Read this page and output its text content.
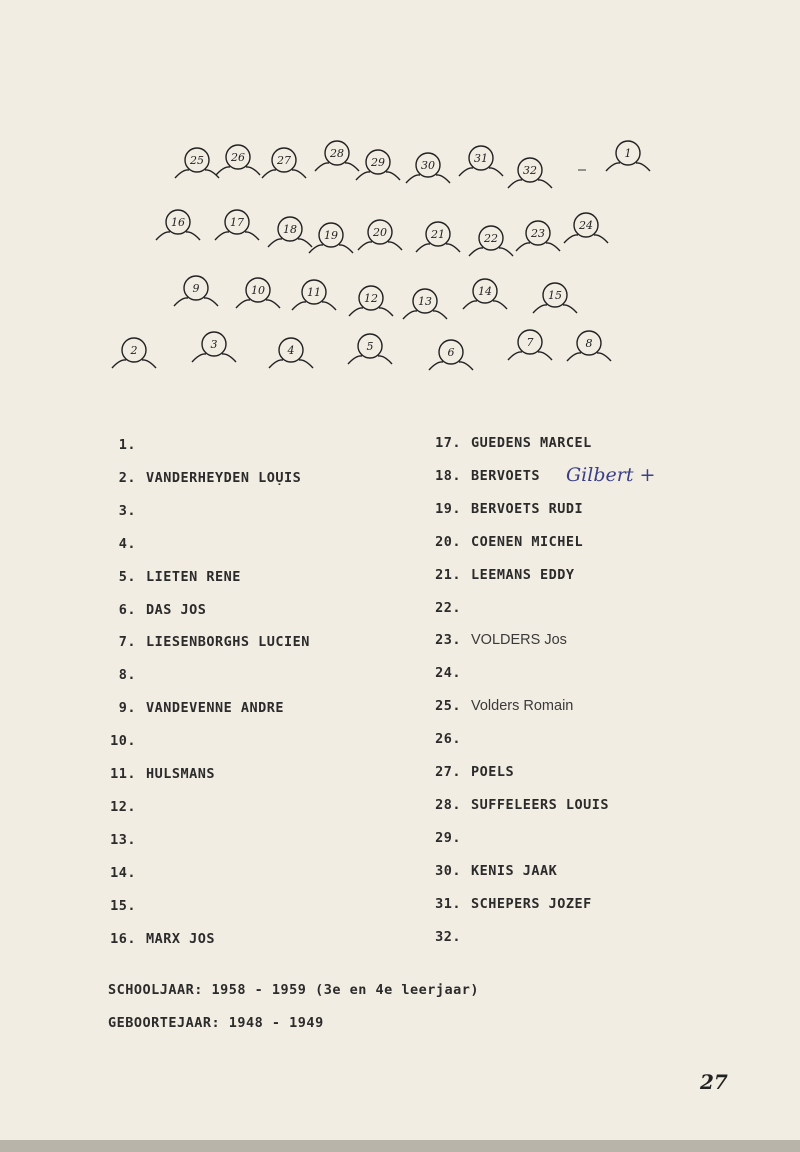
25 26	27
28
29	30
31
32
1
16	17
18 19	20	21	22	23
24
9	10	11	12	13
14	15
2	3	4	5	6
7	8
1.
2. VANDERHEYDEN LOỤIS
3.
4.
5. LIETEN RENE
6. DAS JOS
7. LIESENBORGHS LUCIEN
8.
9. VANDEVENNE ANDRE
10.
11. HULSMANS
12.
13.
14.
15.
16. MARX JOS
17. GUEDENS MARCEL
18. BERVOETS
19. BERVOETS RUDI
20. COENEN MICHEL
21. LEEMANS EDDY
22.
23. VOLDERS Jos
24.
25. Volders Romain
26.
27. POELS
28. SUFFELEERS LOUIS
29.
30. KENIS JAAK
31. SCHEPERS JOZEF
32.
Gilbert +
SCHOOLJAAR: 1958 - 1959 (3e en 4e leerjaar)
GEBOORTEJAAR: 1948 - 1949
27
